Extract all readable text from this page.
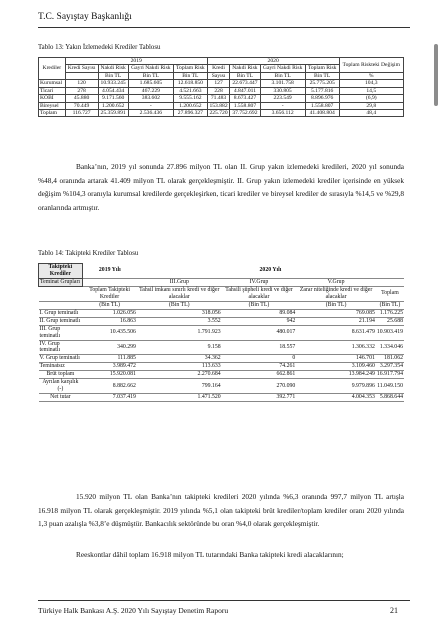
T.C. Sayıştay Başkanlığı
Tablo 13: Yakın İzlemedeki Krediler Tablosu
Krediler	2019				2020				Toplam Riskteki Değişim
	Kredi Sayısı	Nakdi Risk	Gayri Nakdi Risk	Toplam Risk	Kredi	Nakdi Risk	Gayri Nakdi Risk	Toplam Risk	
		Bin TL	Bin TL	Bin TL	Sayısı	Bin TL	Bin TL	Bin TL	%
Kurumsal	120	10.933.245	1.685.605	12.618.850	127	22.673.447	3.101.758	25.775.205	104,3
Ticari	278	4.054.434	467.229	4.521.663	228	4.847.011	330.805	5.177.816	14,5
KOBİ	45.880	9.171.560	383.602	9.555.162	71.483	8.673.427	223.549	8.896.976	(6,9)
Bireysel	70.449	1.200.652	-	1.200.652	153.882	1.558.807	-	1.558.807	29,8
Toplam	116.727	25.359.891	2.536.436	27.896.327	225.720	37.752.692	3.656.112	41.408.804	48,4
Banka’nın, 2019 yıl sonunda 27.896 milyon TL olan II. Grup yakın izlemedeki kredileri, 2020 yıl sonunda %48,4 oranında artarak 41.409 milyon TL olarak gerçekleşmiştir. II. Grup yakın izlemedeki krediler içerisinde en yüksek değişim %104,3 oranıyla kurumsal kredilerde gerçekleşirken, ticari krediler ve bireysel krediler de sırasıyla %14,5 ve %29,8 oranlarında artmıştır.
Tablo 14: Takipteki Krediler Tablosu
Takipteki Krediler	2019 Yılı	2020 Yılı			
Teminat Grupları		III.Grup	IV.Grup	V.Grup	
	Toplam Takipteki Krediler	Tahsil imkanı sınırlı kredi ve diğer alacaklar	Tahsili şüpheli kredi ve diğer alacaklar	Zarar niteliğinde kredi ve diğer alacaklar	Toplam
	(Bin TL)	(Bin TL)	(Bin TL)	(Bin TL)	(Bin TL)
I. Grup teminatlı	1.026.056	318.056	89.084	769.085	1.176.225
II. Grup teminatlı	16.863	3.552	942	21.194	25.688
III. Grup teminatlı	10.435.506	1.791.923	480.017	8.631.479	10.903.419
IV. Grup teminatlı	340.299	9.158	18.557	1.306.332	1.334.046
V. Grup teminatlı	111.885	34.362	0	146.701	181.062
Teminatsız	3.989.472	113.633	74.261	3.109.460	3.297.354
Brüt toplam	15.920.081	2.270.684	662.861	13.984.249	16.917.794
Ayrılan karşılık (-)	8.882.662	799.164	270.090	9.979.896	11.049.150
Net tutar	7.037.419	1.471.520	392.771	4.004.353	5.868.644
15.920 milyon TL olan Banka’nın takipteki kredileri 2020 yılında %6,3 oranında 997,7 milyon TL artışla 16.918 milyon TL olarak gerçekleşmiştir. 2019 yılında %5,1 olan takipteki brüt krediler/toplam krediler oranı 2020 yılında 1,3 puan azalışla %3,8’e düşmüştür. Bankacılık sektöründe bu oran %4,0 olarak gerçekleşmiştir.
Reeskontlar dâhil toplam 16.918 milyon TL tutarındaki Banka takipteki kredi alacaklarının;
Türkiye Halk Bankası A.Ş. 2020 Yılı Sayıştay Denetim Raporu	21
